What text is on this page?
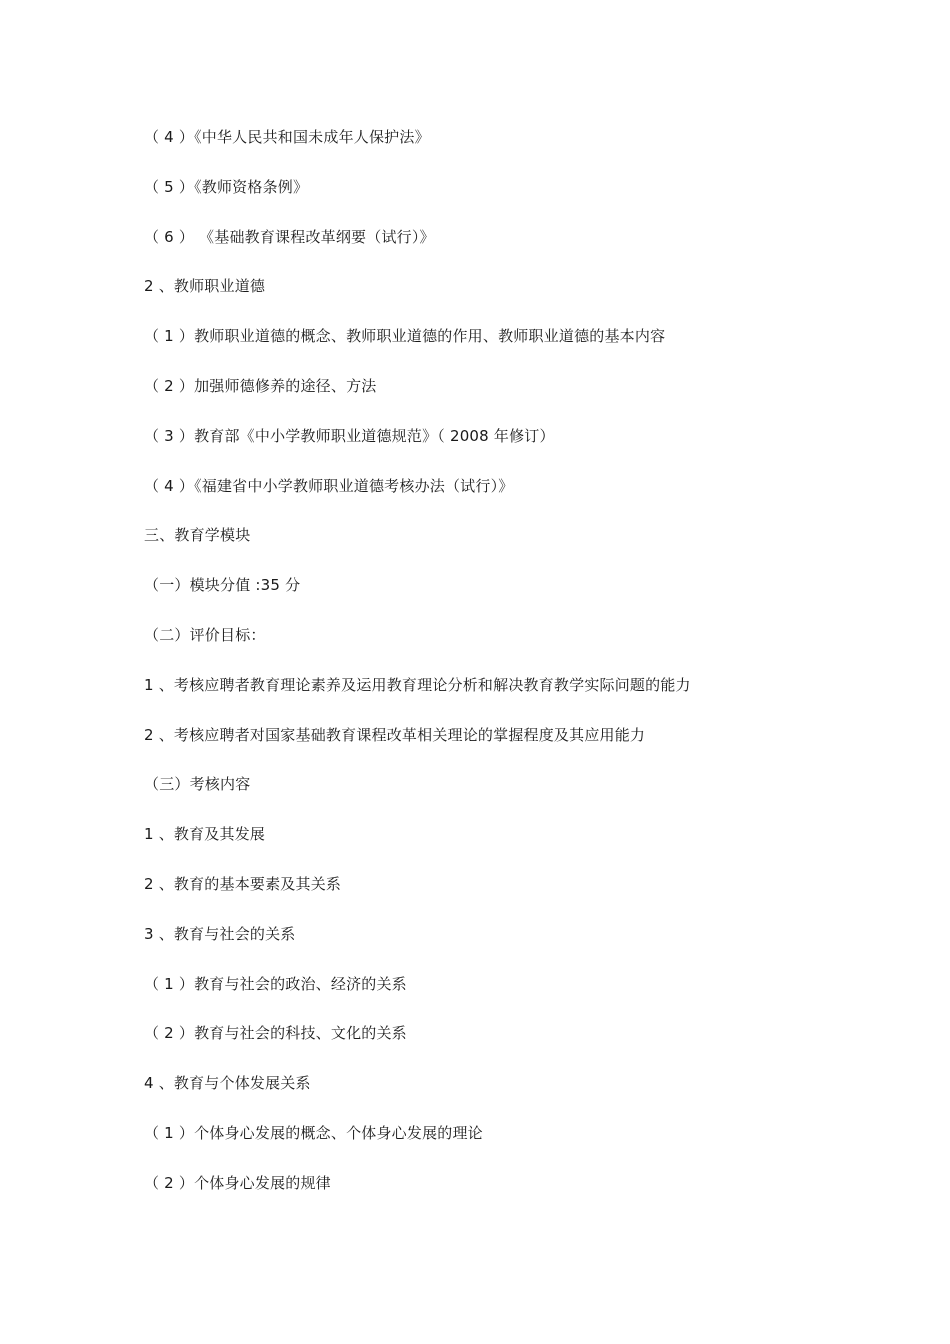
（ 4 ）《中华人民共和国未成年人保护法》
（ 5 ）《教师资格条例》
（ 6 ） 《基础教育课程改革纲要（试行）》
2 、教师职业道德
（ 1 ）教师职业道德的概念、教师职业道德的作用、教师职业道德的基本内容
（ 2 ）加强师德修养的途径、方法
（ 3 ）教育部《中小学教师职业道德规范》（ 2008 年修订）
（ 4 ）《福建省中小学教师职业道德考核办法（试行）》
三、教育学模块
（一）模块分值 :35 分
（二）评价目标：
1 、考核应聘者教育理论素养及运用教育理论分析和解决教育教学实际问题的能力
2 、考核应聘者对国家基础教育课程改革相关理论的掌握程度及其应用能力
（三）考核内容
1 、教育及其发展
2 、教育的基本要素及其关系
3 、教育与社会的关系
（ 1 ）教育与社会的政治、经济的关系
（ 2 ）教育与社会的科技、文化的关系
4 、教育与个体发展关系
（ 1 ）个体身心发展的概念、个体身心发展的理论
（ 2 ）个体身心发展的规律
